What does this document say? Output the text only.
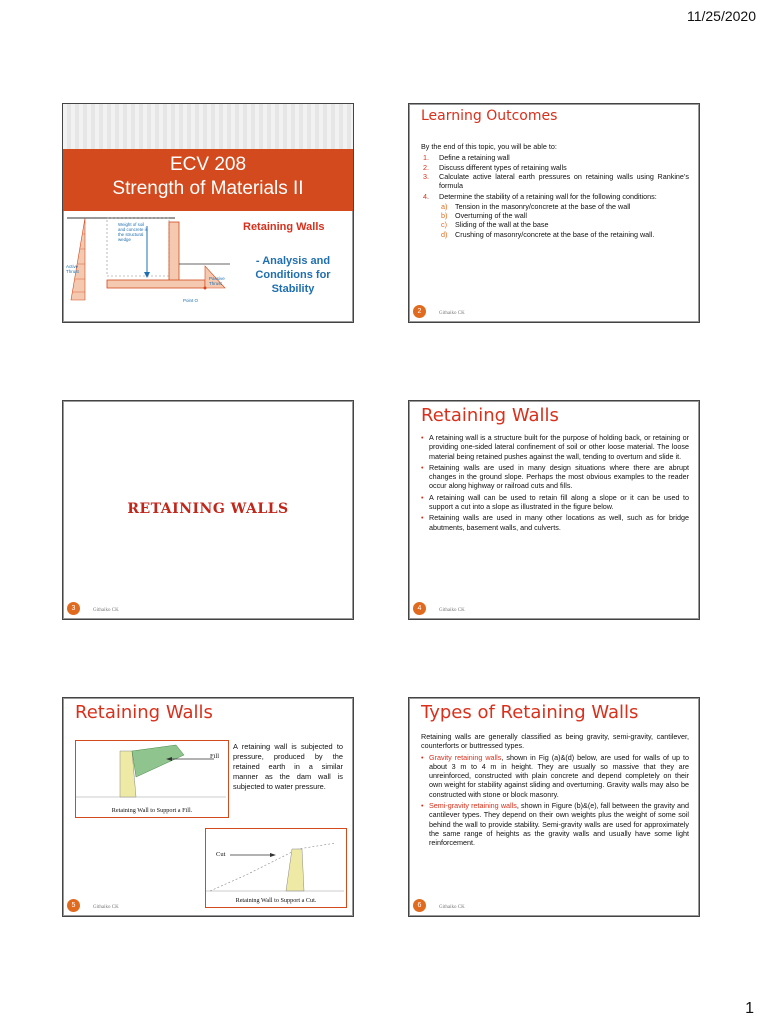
11/25/2020
ECV 208
Strength of Materials II
Weight of soil and concrete is the structural wedge
Active Thrust
Passive Thrust
Point O
Retaining Walls
- Analysis and Conditions for Stability
Learning Outcomes
By the end of this topic, you will be able to:
1. Define a retaining wall
2. Discuss different types of retaining walls
3. Calculate active lateral earth pressures on retaining walls using Rankine’s formula
4. Determine the stability of a retaining wall for the following conditions:
a) Tension in the masonry/concrete at the base of the wall
b) Overturning of the wall
c) Sliding of the wall at the base
d) Crushing of masonry/concrete at the base of the retaining wall.
2	Githaiko CK
RETAINING WALLS
3	Githaiko CK
Retaining Walls
• A retaining wall is a structure built for the purpose of holding back, or retaining or providing one-sided lateral confinement of soil or other loose material. The loose material being retained pushes against the wall, tending to overturn and slide it.
• Retaining walls are used in many design situations where there are abrupt changes in the ground slope. Perhaps the most obvious examples to the reader occur along highway or railroad cuts and fills.
• A retaining wall can be used to retain fill along a slope or it can be used to support a cut into a slope as illustrated in the figure below.
• Retaining walls are used in many other locations as well, such as for bridge abutments, basement walls, and culverts.
4	Githaiko CK
Retaining Walls
Fill
Retaining Wall to Support a Fill.
A retaining wall is subjected to pressure, produced by the retained earth in a similar manner as the dam wall is subjected to water pressure.
Cut
Retaining Wall to Support a Cut.
5	Githaiko CK
Types of Retaining Walls
Retaining walls are generally classified as being gravity, semi-gravity, cantilever, counterforts or buttressed types.
• Gravity retaining walls, shown in Fig (a)&(d) below, are used for walls of up to about 3 m to 4 m in height. They are usually so massive that they are unreinforced, constructed with plain concrete and depend completely on their own weight for stability against sliding and overturning. Gravity walls may also be constructed with stone or block masonry.
• Semi-gravity retaining walls, shown in Figure (b)&(e), fall between the gravity and cantilever types. They depend on their own weights plus the weight of some soil behind the wall to provide stability. Semi-gravity walls are used for approximately the same range of heights as the gravity walls and usually have some light reinforcement.
6	Githaiko CK
1
